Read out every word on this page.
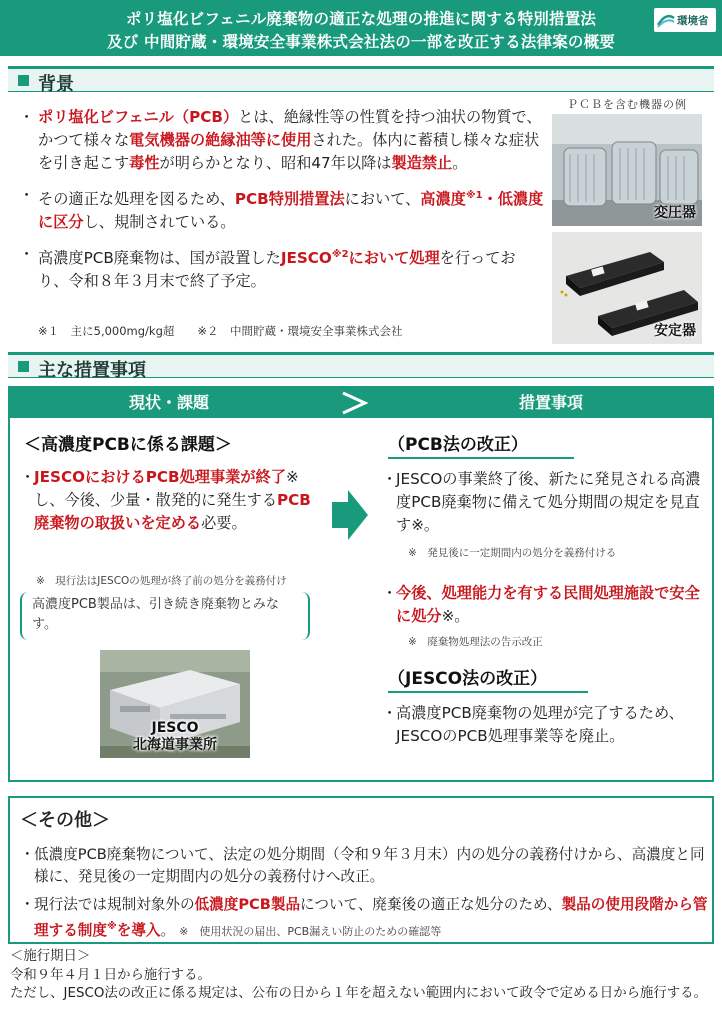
ポリ塩化ビフェニル廃棄物の適正な処理の推進に関する特別措置法
及び 中間貯蔵・環境安全事業株式会社法の一部を改正する法律案の概要
環境省
背景
・ ポリ塩化ビフェニル（PCB）とは、絶縁性等の性質を持つ油状の物質で、かつて様々な電気機器の絶縁油等に使用された。体内に蓄積し様々な症状を引き起こす毒性が明らかとなり、昭和47年以降は製造禁止。
・ その適正な処理を図るため、PCB特別措置法において、高濃度$^{※1}$・低濃度に区分し、規制されている。
・ 高濃度PCB廃棄物は、国が設置したJESCO$^{※2}$において処理を行っており、令和８年３月末で終了予定。
※１　主に5,000mg/kg超　　※２　中間貯蔵・環境安全事業株式会社
ＰＣＢを含む機器の例
変圧器
安定器
主な措置事項
現状・課題	措置事項
＜高濃度PCBに係る課題＞
・
JESCOにおけるPCB処理事業が終了※し、今後、少量・散発的に発生するPCB廃棄物の取扱いを定める必要。
※　現行法はJESCOの処理が終了前の処分を義務付け
高濃度PCB製品は、引き続き廃棄物とみなす。
JESCO
北海道事業所
（PCB法の改正）
・
JESCOの事業終了後、新たに発見される高濃度PCB廃棄物に備えて処分期間の規定を見直す※。
※　発見後に一定期間内の処分を義務付ける
・
今後、処理能力を有する民間処理施設で安全に処分※。
※　廃棄物処理法の告示改正
（JESCO法の改正）
・
高濃度PCB廃棄物の処理が完了するため、JESCOのPCB処理事業等を廃止。
＜その他＞
・ 低濃度PCB廃棄物について、法定の処分期間（令和９年３月末）内の処分の義務付けから、高濃度と同様に、発見後の一定期間内の処分の義務付けへ改正。
・ 現行法では規制対象外の低濃度PCB製品について、廃棄後の適正な処分のため、製品の使用段階から管理する制度※を導入。 ※　使用状況の届出、PCB漏えい防止のための確認等
＜施行期日＞
令和９年４月１日から施行する。
ただし、JESCO法の改正に係る規定は、公布の日から１年を超えない範囲内において政令で定める日から施行する。
